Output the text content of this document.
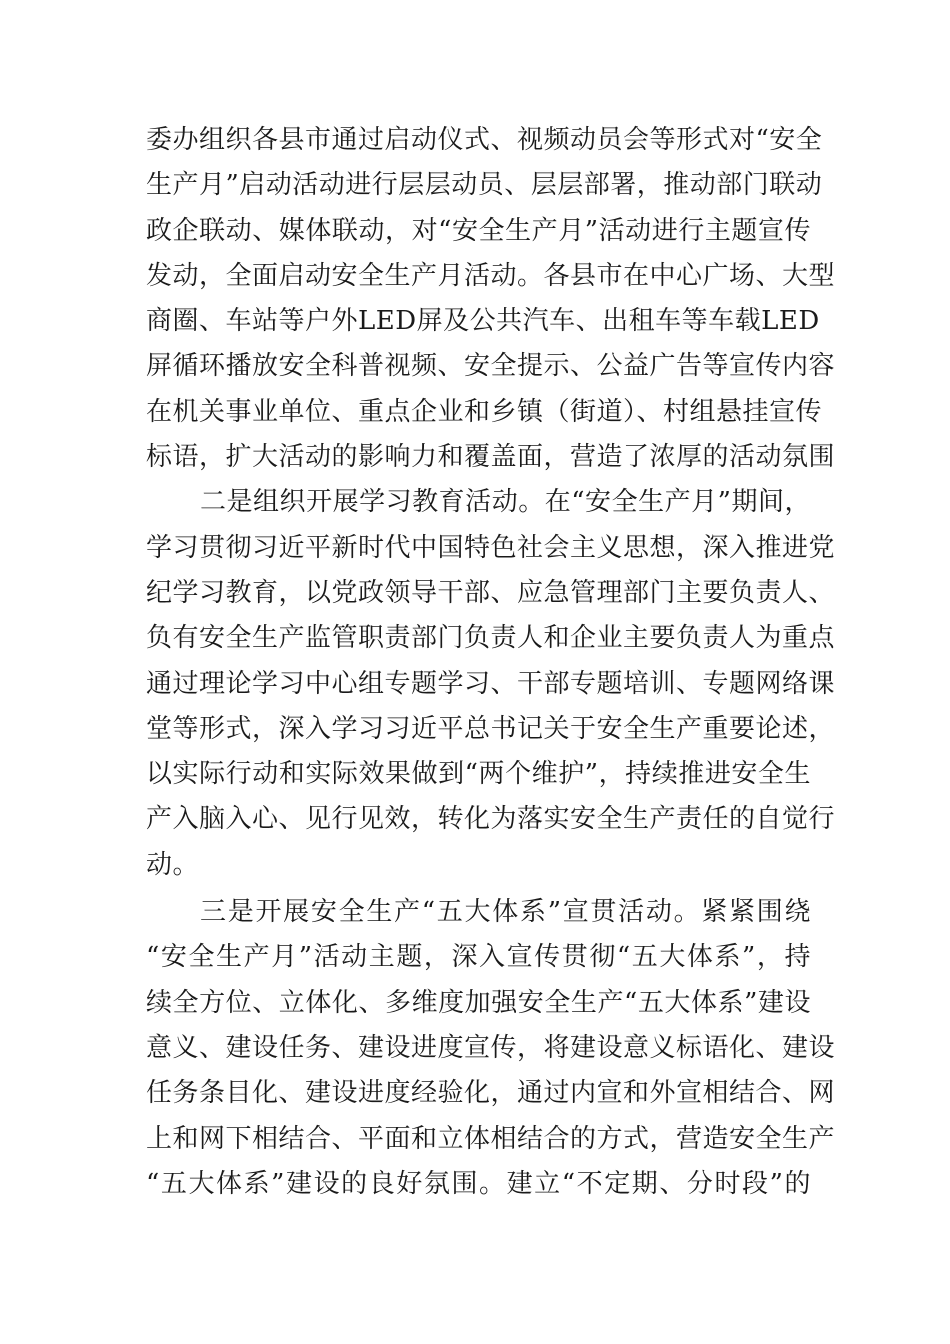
委办组织各县市通过启动仪式、视频动员会等形式对“安全
生产月”启动活动进行层层动员、层层部署，推动部门联动
政企联动、媒体联动，对“安全生产月”活动进行主题宣传
发动，全面启动安全生产月活动。各县市在中心广场、大型
商圈、车站等户外LED屏及公共汽车、出租车等车载LED
屏循环播放安全科普视频、安全提示、公益广告等宣传内容
在机关事业单位、重点企业和乡镇（街道）、村组悬挂宣传
标语，扩大活动的影响力和覆盖面，营造了浓厚的活动氛围
二是组织开展学习教育活动。在“安全生产月”期间，
学习贯彻习近平新时代中国特色社会主义思想，深入推进党
纪学习教育，以党政领导干部、应急管理部门主要负责人、
负有安全生产监管职责部门负责人和企业主要负责人为重点
通过理论学习中心组专题学习、干部专题培训、专题网络课
堂等形式，深入学习习近平总书记关于安全生产重要论述，
以实际行动和实际效果做到“两个维护”，持续推进安全生
产入脑入心、见行见效，转化为落实安全生产责任的自觉行
动。
三是开展安全生产“五大体系”宣贯活动。紧紧围绕
“安全生产月”活动主题，深入宣传贯彻“五大体系”，持
续全方位、立体化、多维度加强安全生产“五大体系”建设
意义、建设任务、建设进度宣传，将建设意义标语化、建设
任务条目化、建设进度经验化，通过内宣和外宣相结合、网
上和网下相结合、平面和立体相结合的方式，营造安全生产
“五大体系”建设的良好氛围。建立“不定期、分时段”的
